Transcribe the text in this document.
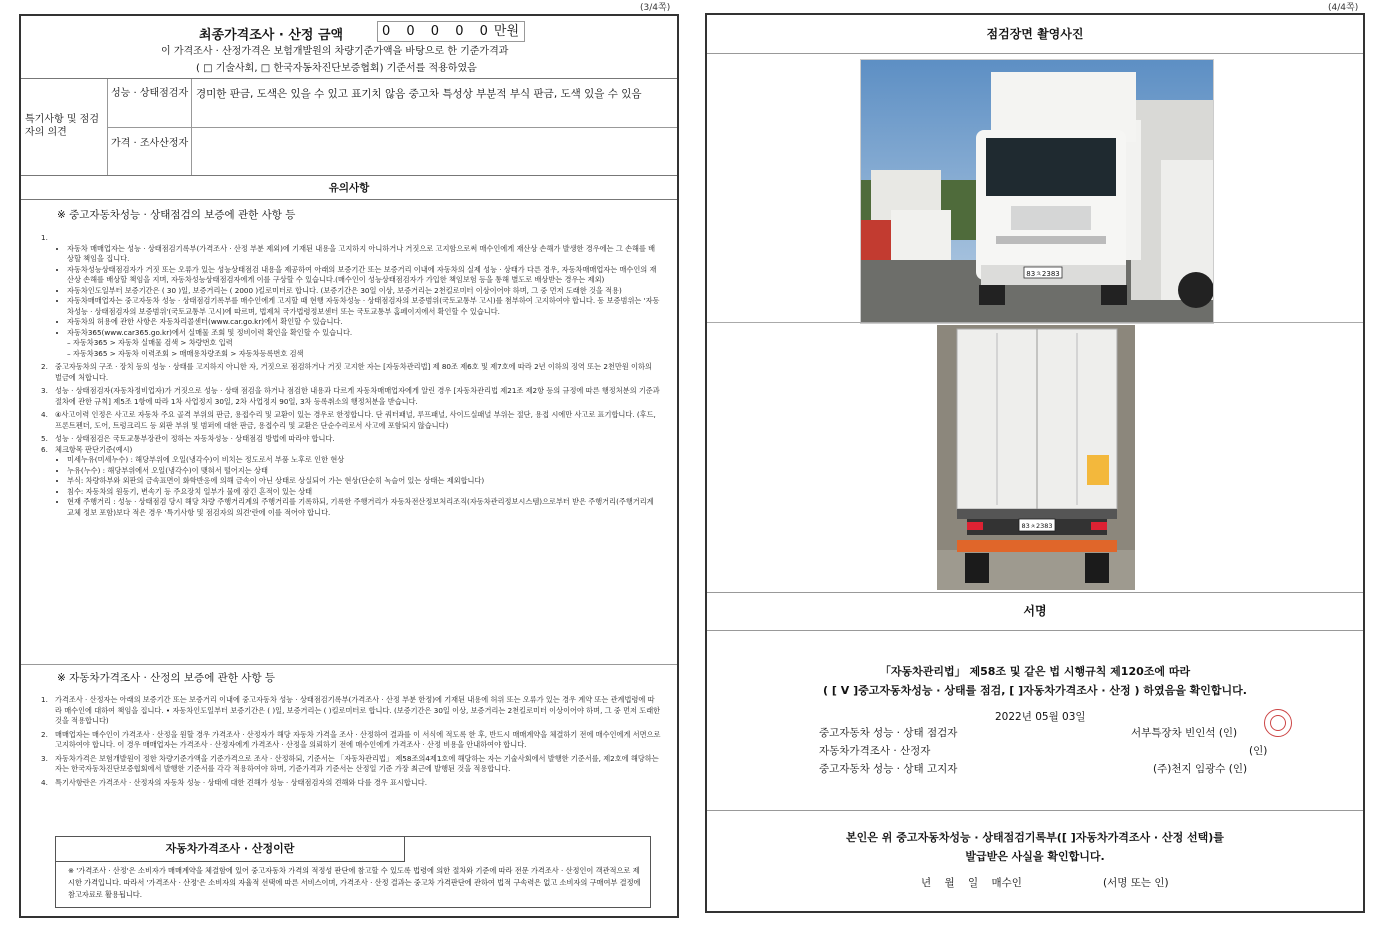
(3/4쪽)	(4/4쪽)
최종가격조사 · 산정 금액	0 0 0 0 0만원
이 가격조사 · 산정가격은 보험개발원의 차량기준가액을 바탕으로 한 기준가격과
( □ 기술사회, □ 한국자동차진단보증협회) 기준서를 적용하였음
특기사항 및 점검자의 의견
성능 · 상태점검자 경미한 판금, 도색은 있을 수 있고 표기치 않음 중고차 특성상 부분적 부식 판금, 도색 있을 수 있음
가격 · 조사산정자
유의사항
※ 중고자동차성능 · 상태점검의 보증에 관한 사항 등
1.
• 자동차 매매업자는 성능 · 상태점검기록부(가격조사 · 산정 부분 제외)에 기재된 내용을 고지하지 아니하거나 거짓으로 고지함으로써 매수인에게 재산상 손해가 발생한 경우에는 그 손해를 배상할 책임을 집니다.
• 자동차성능상태점검자가 거짓 또는 오류가 있는 성능상태점검 내용을 제공하여 아래의 보증기간 또는 보증거리 이내에 자동차의 실제 성능 · 상태가 다른 경우, 자동차매매업자는 매수인의 재산상 손해를 배상할 책임을 지며, 자동차성능상태점검자에게 이를 구상할 수 있습니다.(매수인이 성능상태점검자가 가입한 책임보험 등을 통해 별도로 배상받는 경우는 제외)
• 자동차인도일부터 보증기간은 ( 30 )일, 보증거리는 ( 2000 )킬로미터로 합니다. (보증기간은 30일 이상, 보증거리는 2천킬로미터 이상이어야 하며, 그 중 먼저 도래한 것을 적용)
• 자동차매매업자는 중고자동차 성능 · 상태점검기록부를 매수인에게 고지할 때 현행 자동차성능 · 상태점검자의 보증범위(국토교통부 고시)를 첨부하여 고지하여야 합니다. 동 보증범위는 '자동차성능 · 상태점검자의 보증범위'(국토교통부 고시)에 따르며, 법제처 국가법령정보센터 또는 국토교통부 홈페이지에서 확인할 수 있습니다.
• 자동차의 허용에 관한 사항은 자동차리콜센터(www.car.go.kr)에서 확인할 수 있습니다.
• 자동차365(www.car365.go.kr)에서 실매물 조회 및 정비이력 확인을 확인할 수 있습니다.
– 자동차365 > 자동차 실매물 검색 > 차량번호 입력
– 자동차365 > 자동차 이력조회 > 매매용차량조회 > 자동차등록번호 검색
2. 중고자동차의 구조 · 장치 등의 성능 · 상태를 고지하지 아니한 자, 거짓으로 점검하거나 거짓 고지한 자는 [자동차관리법] 제 80조 제6호 및 제7호에 따라 2년 이하의 징역 또는 2천만원 이하의 벌금에 처합니다.
3. 성능 · 상태점검자(자동차정비업자)가 거짓으로 성능 · 상태 점검을 하거나 점검한 내용과 다르게 자동차매매업자에게 알린 경우 [자동차관리법 제21조 제2항 등의 규정에 따른 행정처분의 기준과 절차에 관한 규칙] 제5조 1항에 따라 1차 사업정지 30일, 2차 사업정지 90일, 3차 등록취소의 행정처분을 받습니다.
4. ④사고이력 인정은 사고로 자동차 주요 골격 부위의 판금, 용접수리 및 교환이 있는 경우로 한정합니다. 단 쿼터패널, 루프패널, 사이드실패널 부위는 절단, 용접 시에만 사고로 표기합니다. (후드, 프론트펜더, 도어, 트렁크리드 등 외판 부위 및 범퍼에 대한 판금, 용접수리 및 교환은 단순수리로서 사고에 포함되지 않습니다)
5. 성능 · 상태점검은 국토교통부장관이 정하는 자동차성능 · 상태점검 방법에 따라야 합니다.
6. 체크항목 판단기준(예시)
• 미세누유(미세누수) : 해당부위에 오일(냉각수)이 비치는 정도로서 부품 노후로 인한 현상
• 누유(누수) : 해당부위에서 오일(냉각수)이 맺혀서 떨어지는 상태
• 부식: 차량하부와 외판의 금속표면이 화학반응에 의해 금속이 아닌 상태로 상실되어 가는 현상(단순히 녹슬어 있는 상태는 제외합니다)
• 침수: 자동차의 원동기, 변속기 등 주요장치 일부가 물에 잠긴 흔적이 있는 상태
• 현재 주행거리 : 성능 · 상태점검 당시 해당 차량 주행거리계의 주행거리를 기록하되, 기록한 주행거리가 자동차전산정보처리조직(자동차관리정보시스템)으로부터 받은 주행거리(주행거리계 교체 정보 포함)보다 적은 경우 '특기사항 및 점검자의 의견'란에 이를 적어야 합니다.
※ 자동차가격조사 · 산정의 보증에 관한 사항 등
1. 가격조사 · 산정자는 아래의 보증기간 또는 보증거리 이내에 중고자동차 성능 · 상태점검기록부(가격조사 · 산정 부분 한정)에 기재된 내용에 허위 또는 오류가 있는 경우 계약 또는 관계법령에 따라 매수인에 대하여 책임을 집니다. • 자동차인도일부터 보증기간은 ( )일, 보증거리는 ( )킬로미터로 합니다. (보증기간은 30일 이상, 보증거리는 2천킬로미터 이상이어야 하며, 그 중 먼저 도래한 것을 적용합니다)
2. 매매업자는 매수인이 가격조사 · 산정을 원할 경우 가격조사 · 산정자가 해당 자동차 가격을 조사 · 산정하여 결과를 이 서식에 적도록 한 후, 반드시 매매계약을 체결하기 전에 매수인에게 서면으로 고지하여야 합니다. 이 경우 매매업자는 가격조사 · 산정자에게 가격조사 · 산정을 의뢰하기 전에 매수인에게 가격조사 · 산정 비용을 안내하여야 합니다.
3. 자동차가격은 보험개발원이 정한 차량기준가액을 기준가격으로 조사 · 산정하되, 기준서는 「자동차관리법」 제58조의4제1호에 해당하는 자는 기술사회에서 발행한 기준서를, 제2호에 해당하는 자는 한국자동차진단보증협회에서 발행한 기준서를 각각 적용하여야 하며, 기준가격과 기준서는 산정일 기준 가장 최근에 발행된 것을 적용합니다.
4. 특기사항란은 가격조사 · 산정자의 자동차 성능 · 상태에 대한 견해가 성능 · 상태점검자의 견해와 다를 경우 표시합니다.
자동차가격조사 · 산정이란
※ '가격조사 · 산정'은 소비자가 매매계약을 체결함에 있어 중고자동차 가격의 적정성 판단에 참고할 수 있도록 법령에 의한 절차와 기준에 따라 전문 가격조사 · 산정인이 객관적으로 제시한 가격입니다. 따라서 '가격조사 · 산정'은 소비자의 자율적 선택에 따른 서비스이며, 가격조사 · 산정 결과는 중고차 가격판단에 관하여 법적 구속력은 없고 소비자의 구매여부 결정에 참고자료로 활용됩니다.
점검장면 촬영사진
83ㅊ2383
83ㅊ2383
서명
「자동차관리법」 제58조 및 같은 법 시행규칙 제120조에 따라
( [ V ]중고자동차성능 · 상태를 점검, [ ]자동차가격조사 · 산정 ) 하였음을 확인합니다.
2022년 05월 03일
중고자동차 성능 · 상태 점검자	서부특장차 빈인석 (인)
자동차가격조사 · 산정자	(인)
중고자동차 성능 · 상태 고지자	(주)천지 임광수 (인)
본인은 위 중고자동차성능 · 상태점검기록부([ ]자동차가격조사 · 산정 선택)를
발급받은 사실을 확인합니다.
년 월 일 매수인	(서명 또는 인)
